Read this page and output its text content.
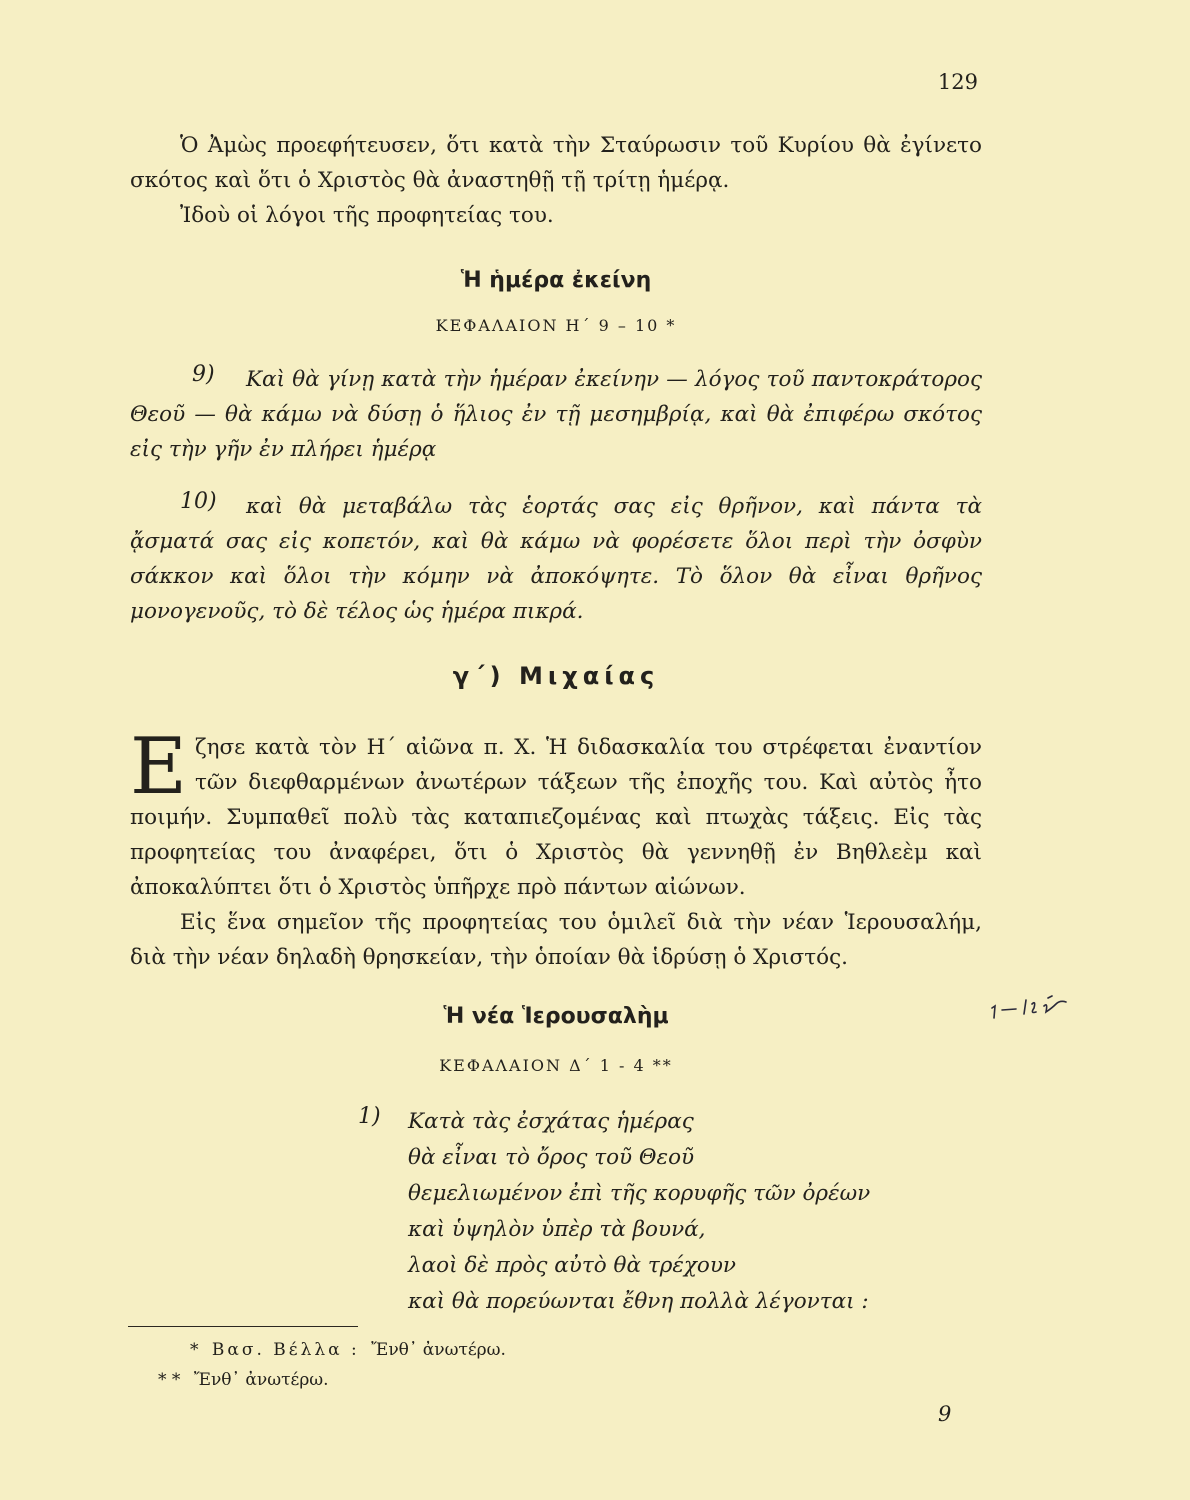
129

Ὁ Ἀμὼς προεφήτευσεν, ὅτι κατὰ τὴν Σταύρωσιν τοῦ Κυρίου θὰ ἐγίνετο σκότος καὶ ὅτι ὁ Χριστὸς θὰ ἀναστηθῇ τῇ τρίτῃ ἡμέρᾳ.

Ἰδοὺ οἱ λόγοι τῆς προφητείας του.

Ἡ ἡμέρα ἐκείνη
ΚΕΦΑΛΑΙΟΝ Η΄ 9 – 10 *
9)	Καὶ θὰ γίνῃ κατὰ τὴν ἡμέραν ἐκείνην — λόγος τοῦ παντοκράτορος Θεοῦ — θὰ κάμω νὰ δύσῃ ὁ ἥλιος ἐν τῇ μεσημβρίᾳ, καὶ θὰ ἐπιφέρω σκότος εἰς τὴν γῆν ἐν πλήρει ἡμέρᾳ

10)	καὶ θὰ μεταβάλω τὰς ἑορτάς σας εἰς θρῆνον, καὶ πάντα τὰ ᾄσματά σας εἰς κοπετόν, καὶ θὰ κάμω νὰ φορέσετε ὅλοι περὶ τὴν ὀσφὺν σάκκον καὶ ὅλοι τὴν κόμην νὰ ἀποκόψητε. Τὸ ὅλον θὰ εἶναι θρῆνος μονογενοῦς, τὸ δὲ τέλος ὡς ἡμέρα πικρά.

γ΄) Μιχαίας

Εζησε κατὰ τὸν Η΄ αἰῶνα π. Χ. Ἡ διδασκαλία του στρέφεται ἐναντίον τῶν διεφθαρμένων ἀνωτέρων τάξεων τῆς ἐποχῆς του. Καὶ αὐτὸς ἦτο ποιμήν. Συμπαθεῖ πολὺ τὰς καταπιεζομένας καὶ πτωχὰς τάξεις. Εἰς τὰς προφητείας του ἀναφέρει, ὅτι ὁ Χριστὸς θὰ γεννηθῇ ἐν Βηθλεὲμ καὶ ἀποκαλύπτει ὅτι ὁ Χριστὸς ὑπῆρχε πρὸ πάντων αἰώνων.

Εἰς ἕνα σημεῖον τῆς προφητείας του ὁμιλεῖ διὰ τὴν νέαν Ἱερουσαλήμ, διὰ τὴν νέαν δηλαδὴ θρησκείαν, τὴν ὁποίαν θὰ ἱδρύσῃ ὁ Χριστός.

Ἡ νέα Ἱερουσαλὴμ
ΚΕΦΑΛΑΙΟΝ Δ΄ 1 - 4 **
1) Κατὰ τὰς ἐσχάτας ἡμέρας
θὰ εἶναι τὸ ὄρος τοῦ Θεοῦ
θεμελιωμένον ἐπὶ τῆς κορυφῆς τῶν ὀρέων
καὶ ὑψηλὸν ὑπὲρ τὰ βουνά,
λαοὶ δὲ πρὸς αὐτὸ θὰ τρέχουν
καὶ θὰ πορεύωνται ἔθνη πολλὰ λέγονται :
* Βασ. Βέλλα : Ἔνθ᾽ ἀνωτέρω.
* * Ἔνθ᾽ ἀνωτέρω.
9
